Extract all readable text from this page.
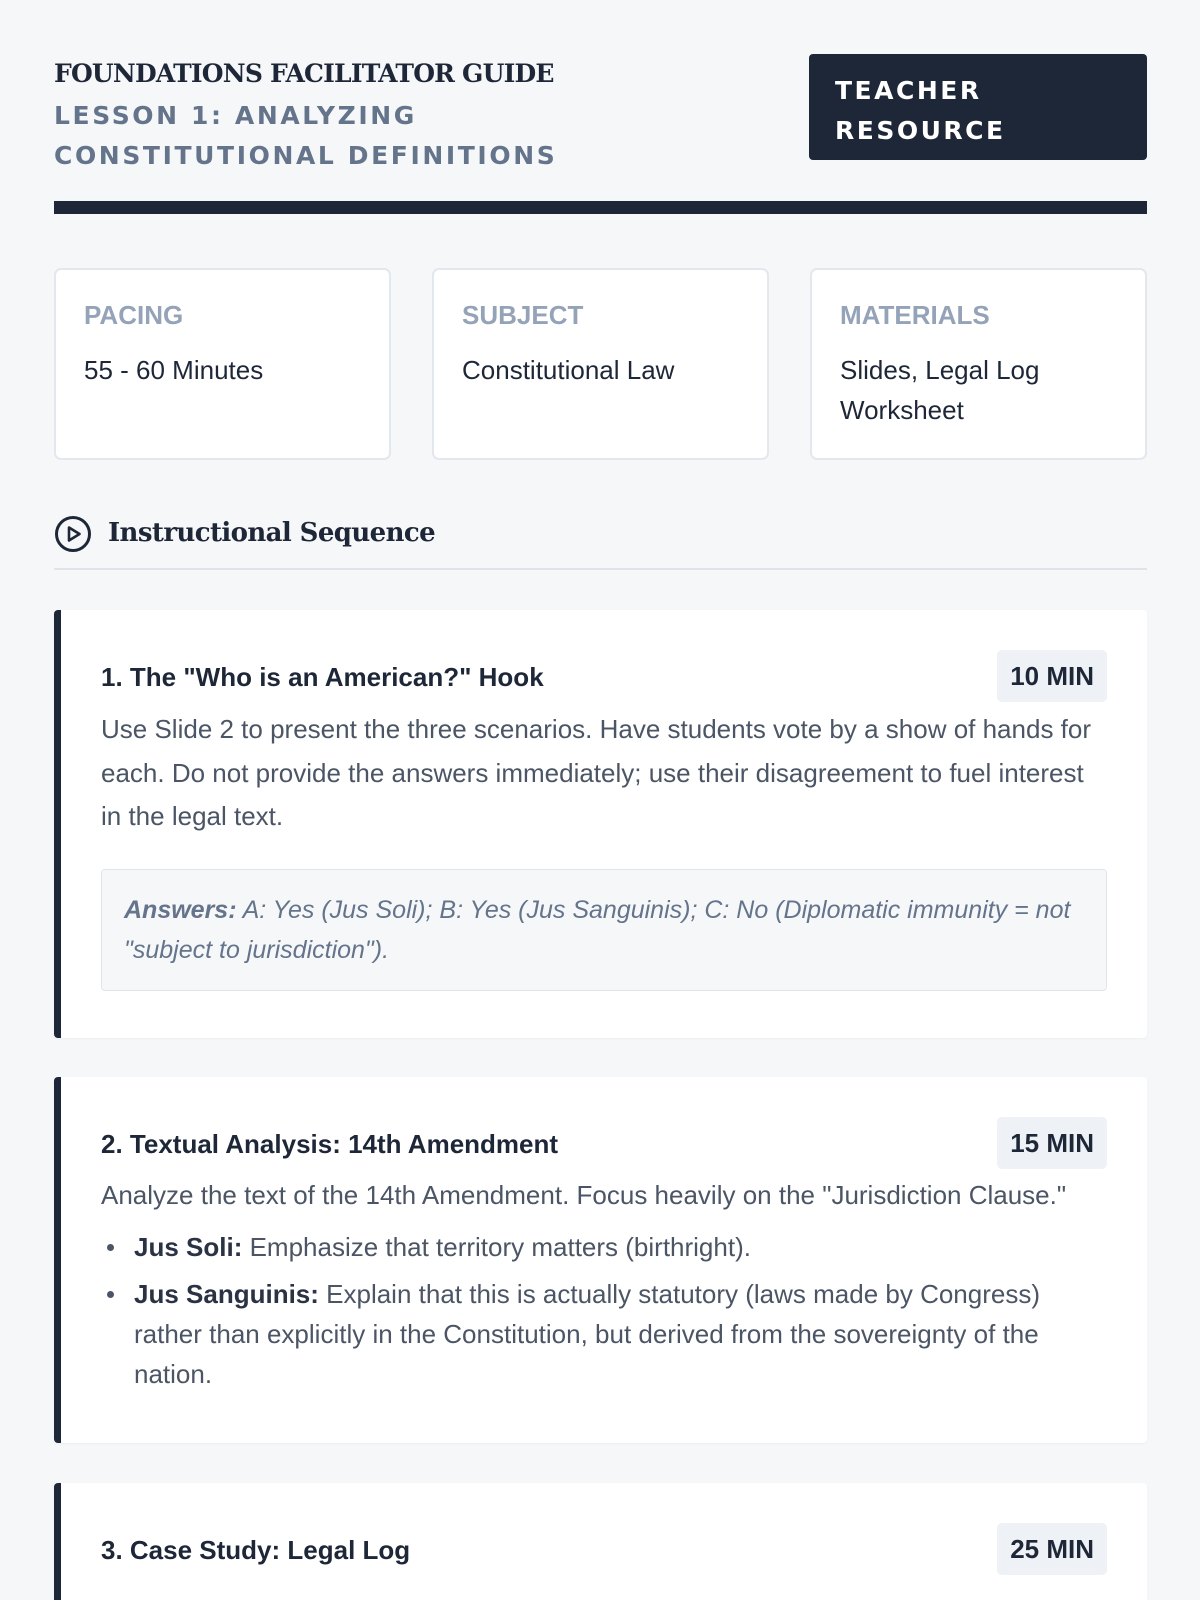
FOUNDATIONS FACILITATOR GUIDE
LESSON 1: ANALYZING CONSTITUTIONAL DEFINITIONS
TEACHER RESOURCE
PACING
55 - 60 Minutes
SUBJECT
Constitutional Law
MATERIALS
Slides, Legal Log Worksheet
Instructional Sequence
1. The "Who is an American?" Hook	10 MIN
Use Slide 2 to present the three scenarios. Have students vote by a show of hands for each. Do not provide the answers immediately; use their disagreement to fuel interest in the legal text.
Answers: A: Yes (Jus Soli); B: Yes (Jus Sanguinis); C: No (Diplomatic immunity = not "subject to jurisdiction").
2. Textual Analysis: 14th Amendment	15 MIN
Analyze the text of the 14th Amendment. Focus heavily on the "Jurisdiction Clause."
Jus Soli: Emphasize that territory matters (birthright).
Jus Sanguinis: Explain that this is actually statutory (laws made by Congress) rather than explicitly in the Constitution, but derived from the sovereignty of the nation.
3. Case Study: Legal Log	25 MIN
